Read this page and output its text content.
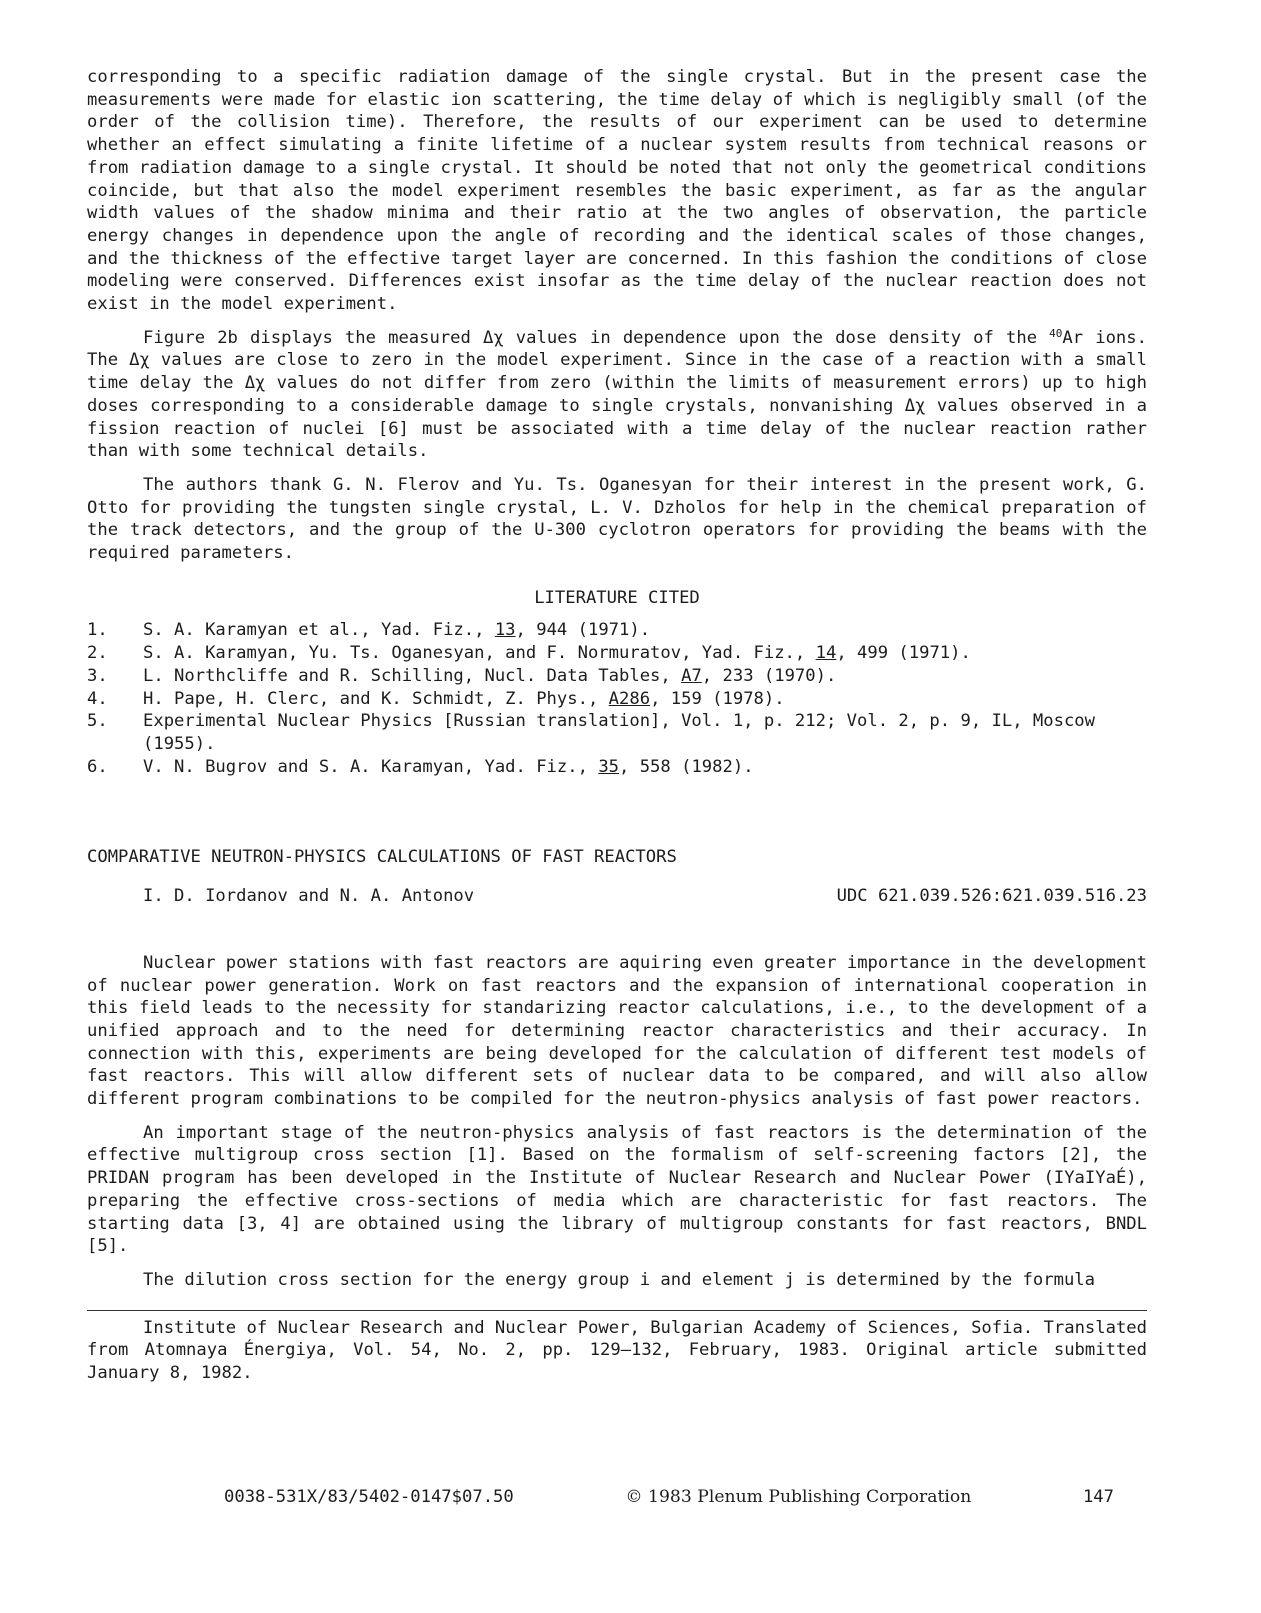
corresponding to a specific radiation damage of the single crystal. But in the present case the measurements were made for elastic ion scattering, the time delay of which is negligibly small (of the order of the collision time). Therefore, the results of our experiment can be used to determine whether an effect simulating a finite lifetime of a nuclear system results from technical reasons or from radiation damage to a single crystal. It should be noted that not only the geometrical conditions coincide, but that also the model experiment resembles the basic experiment, as far as the angular width values of the shadow minima and their ratio at the two angles of observation, the particle energy changes in dependence upon the angle of recording and the identical scales of those changes, and the thickness of the effective target layer are concerned. In this fashion the conditions of close modeling were conserved. Differences exist insofar as the time delay of the nuclear reaction does not exist in the model experiment.

Figure 2b displays the measured Δχ values in dependence upon the dose density of the $^{40}$Ar ions. The Δχ values are close to zero in the model experiment. Since in the case of a reaction with a small time delay the Δχ values do not differ from zero (within the limits of measurement errors) up to high doses corresponding to a considerable damage to single crystals, nonvanishing Δχ values observed in a fission reaction of nuclei [6] must be associated with a time delay of the nuclear reaction rather than with some technical details.

The authors thank G. N. Flerov and Yu. Ts. Oganesyan for their interest in the present work, G. Otto for providing the tungsten single crystal, L. V. Dzholos for help in the chemical preparation of the track detectors, and the group of the U-300 cyclotron operators for providing the beams with the required parameters.

LITERATURE CITED
1.	S. A. Karamyan et al., Yad. Fiz., 13, 944 (1971).
2.	S. A. Karamyan, Yu. Ts. Oganesyan, and F. Normuratov, Yad. Fiz., 14, 499 (1971).
3.	L. Northcliffe and R. Schilling, Nucl. Data Tables, A7, 233 (1970).
4.	H. Pape, H. Clerc, and K. Schmidt, Z. Phys., A286, 159 (1978).
5.	Experimental Nuclear Physics [Russian translation], Vol. 1, p. 212; Vol. 2, p. 9, IL, Moscow (1955).
6.	V. N. Bugrov and S. A. Karamyan, Yad. Fiz., 35, 558 (1982).
COMPARATIVE NEUTRON-PHYSICS CALCULATIONS OF FAST REACTORS
I. D. Iordanov and N. A. Antonov	UDC 621.039.526:621.039.516.23

Nuclear power stations with fast reactors are aquiring even greater importance in the development of nuclear power generation. Work on fast reactors and the expansion of international cooperation in this field leads to the necessity for standarizing reactor calculations, i.e., to the development of a unified approach and to the need for determining reactor characteristics and their accuracy. In connection with this, experiments are being developed for the calculation of different test models of fast reactors. This will allow different sets of nuclear data to be compared, and will also allow different program combinations to be compiled for the neutron-physics analysis of fast power reactors.

An important stage of the neutron-physics analysis of fast reactors is the determination of the effective multigroup cross section [1]. Based on the formalism of self-screening factors [2], the PRIDAN program has been developed in the Institute of Nuclear Research and Nuclear Power (IYaIYaÉ), preparing the effective cross-sections of media which are characteristic for fast reactors. The starting data [3, 4] are obtained using the library of multigroup constants for fast reactors, BNDL [5].

The dilution cross section for the energy group i and element j is determined by the formula

Institute of Nuclear Research and Nuclear Power, Bulgarian Academy of Sciences, Sofia. Translated from Atomnaya Énergiya, Vol. 54, No. 2, pp. 129–132, February, 1983. Original article submitted January 8, 1982.

0038-531X/83/5402-0147$07.50	© 1983 Plenum Publishing Corporation	147
